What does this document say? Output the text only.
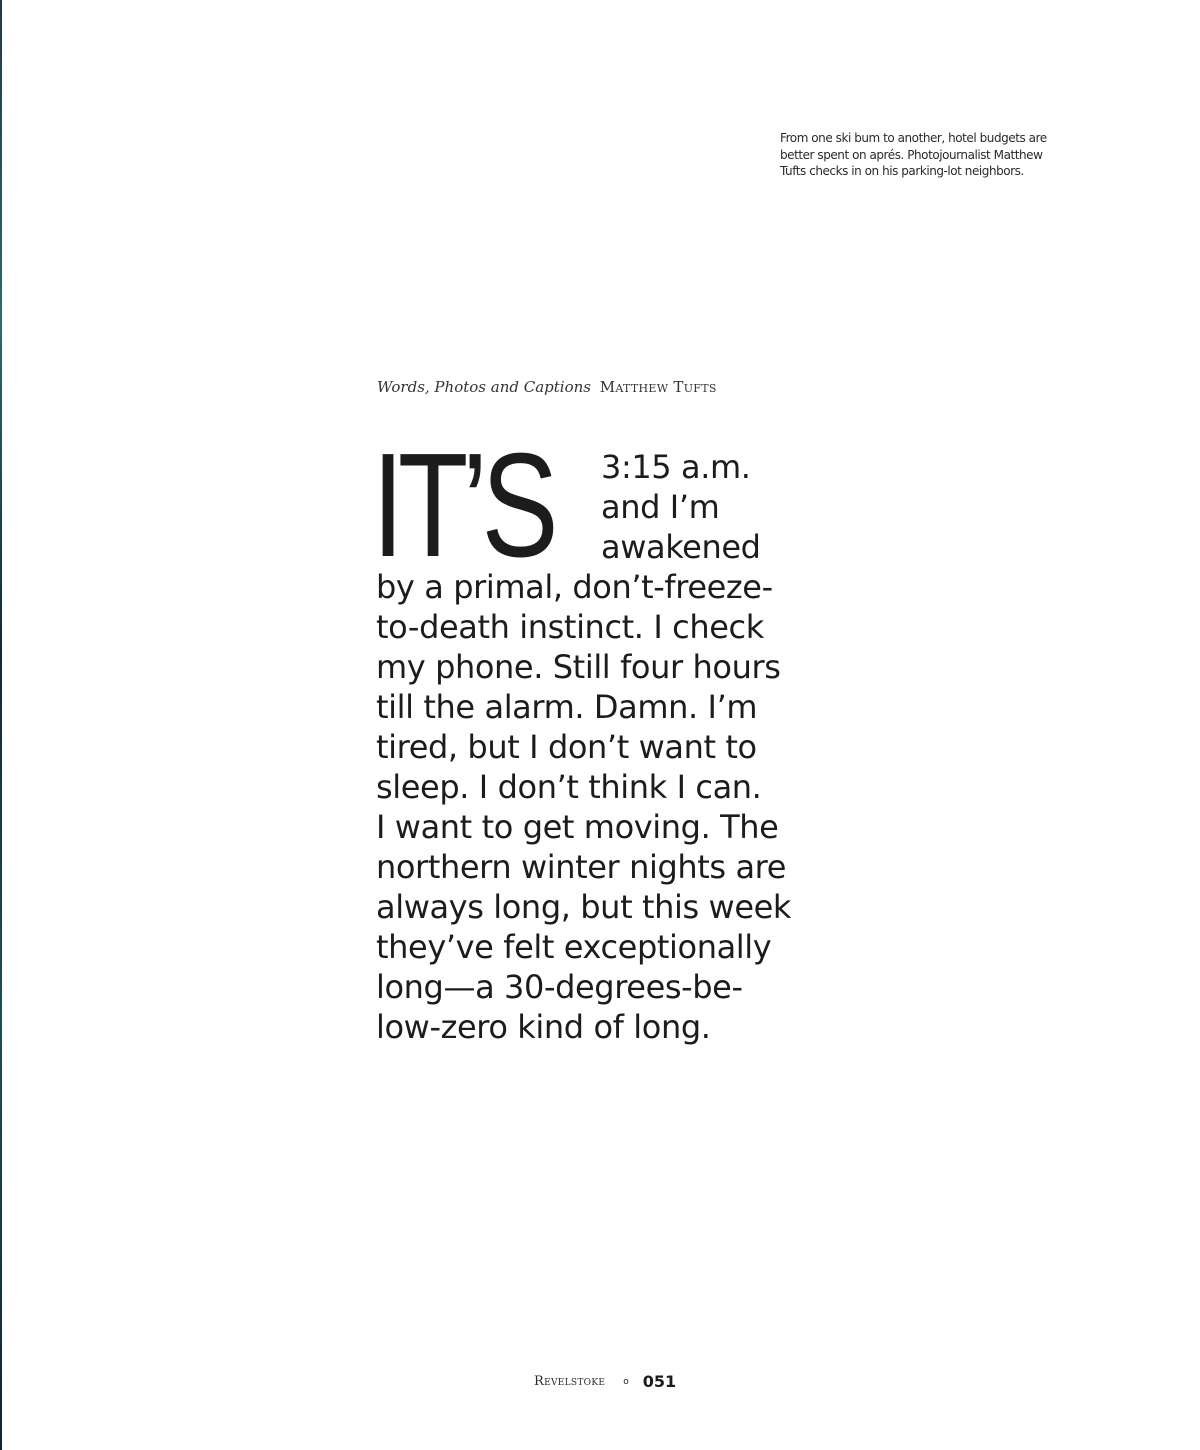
From one ski bum to another, hotel budgets are
better spent on aprés. Photojournalist Matthew
Tufts checks in on his parking-lot neighbors.
Words, Photos and Captions Matthew Tufts
IT’S	3:15 a.m.
and I’m
awakened
by a primal, don’t-freeze-
to-death instinct. I check
my phone. Still four hours
till the alarm. Damn. I’m
tired, but I don’t want to
sleep. I don’t think I can.
I want to get moving. The
northern winter nights are
always long, but this week
they’ve felt exceptionally
long—a 30-degrees-be-
low-zero kind of long.
Revelstoke o 051
